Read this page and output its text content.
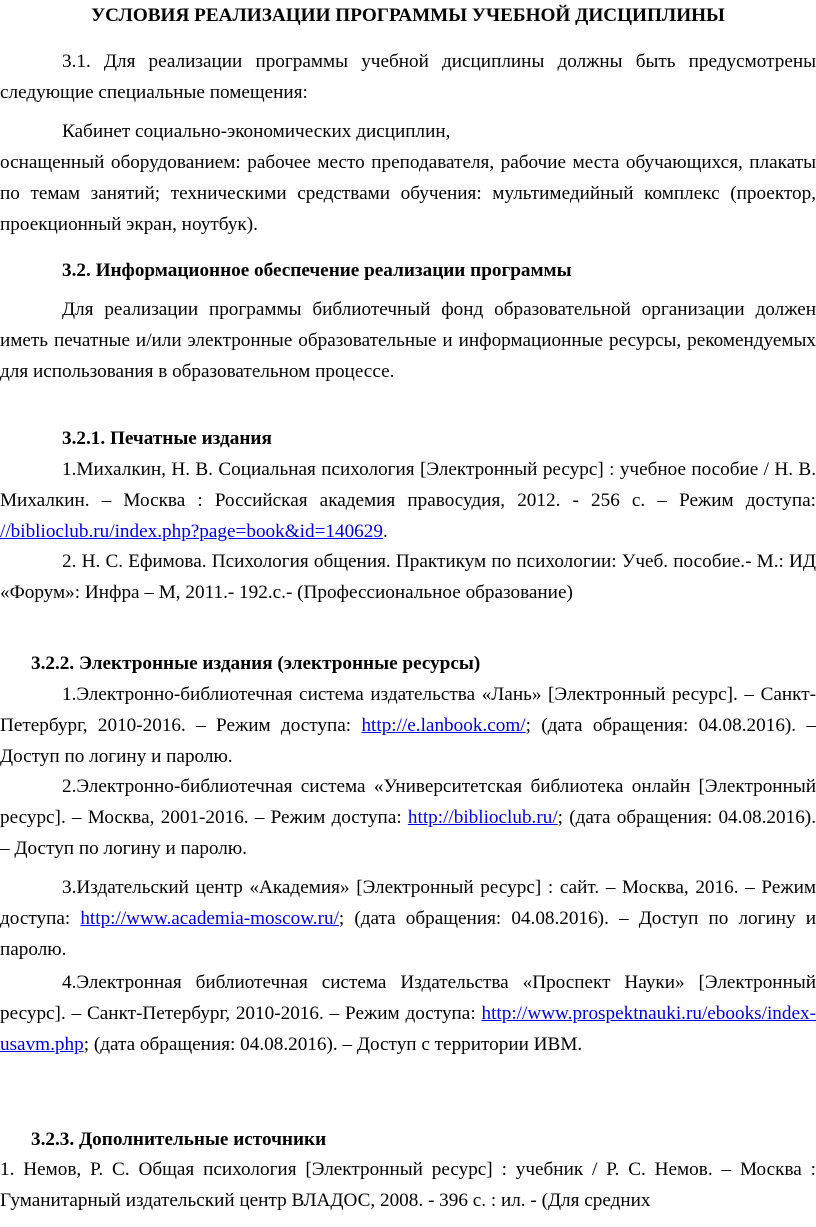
УСЛОВИЯ РЕАЛИЗАЦИИ ПРОГРАММЫ УЧЕБНОЙ ДИСЦИПЛИНЫ

3.1. Для реализации программы учебной дисциплины должны быть предусмотрены следующие специальные помещения:

Кабинет социально-экономических дисциплин,

оснащенный оборудованием: рабочее место преподавателя, рабочие места обучающихся, плакаты по темам занятий; техническими средствами обучения: мультимедийный комплекс (проектор, проекционный экран, ноутбук).

3.2. Информационное обеспечение реализации программы

Для реализации программы библиотечный фонд образовательной организации должен иметь печатные и/или электронные образовательные и информационные ресурсы, рекомендуемых для использования в образовательном процессе.

3.2.1. Печатные издания

1.Михалкин, Н. В. Социальная психология [Электронный ресурс] : учебное пособие / Н. В. Михалкин. – Москва : Российская академия правосудия, 2012. - 256 с. – Режим доступа: //biblioclub.ru/index.php?page=book&id=140629.

2. Н. С. Ефимова. Психология общения. Практикум по психологии: Учеб. пособие.- М.: ИД «Форум»: Инфра – М, 2011.- 192.с.- (Профессиональное образование)

3.2.2. Электронные издания (электронные ресурсы)

1.Электронно-библиотечная система издательства «Лань» [Электронный ресурс]. – Санкт-Петербург, 2010-2016. – Режим доступа: http://e.lanbook.com/; (дата обращения: 04.08.2016). – Доступ по логину и паролю.

2.Электронно-библиотечная система «Университетская библиотека онлайн [Электронный ресурс]. – Москва, 2001-2016. – Режим доступа: http://biblioclub.ru/; (дата обращения: 04.08.2016). – Доступ по логину и паролю.

3.Издательский центр «Академия» [Электронный ресурс] : сайт. – Москва, 2016. – Режим доступа: http://www.academia-moscow.ru/; (дата обращения: 04.08.2016). – Доступ по логину и паролю.

4.Электронная библиотечная система Издательства «Проспект Науки» [Электронный ресурс]. – Санкт-Петербург, 2010-2016. – Режим доступа: http://www.prospektnauki.ru/ebooks/index-usavm.php; (дата обращения: 04.08.2016). – Доступ с территории ИВМ.

3.2.3. Дополнительные источники

1. Немов, Р. С. Общая психология [Электронный ресурс] : учебник / Р. С. Немов. – Москва : Гуманитарный издательский центр ВЛАДОС, 2008. - 396 с. : ил. - (Для средних
